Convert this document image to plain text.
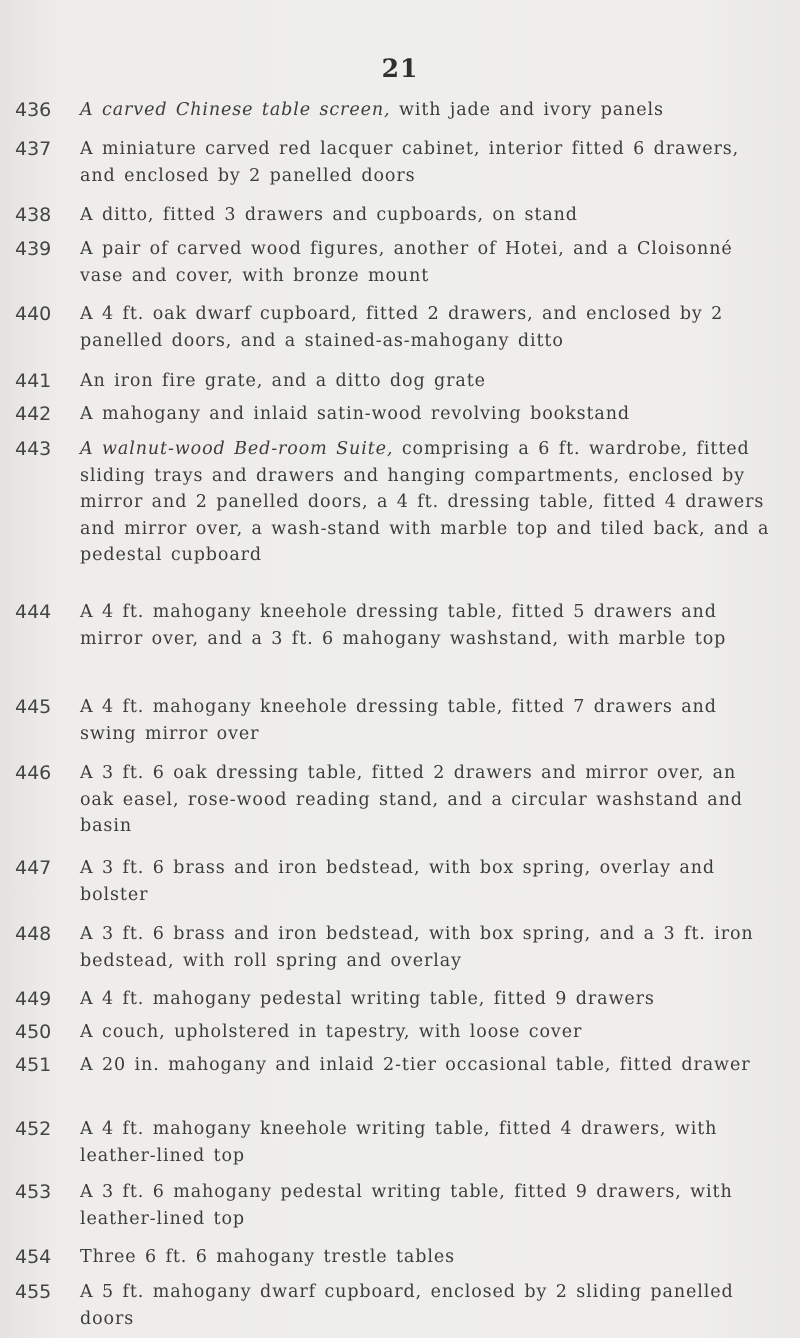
21
436	A carved Chinese table screen, with jade and ivory panels
437	A miniature carved red lacquer cabinet, interior fitted 6 drawers, and enclosed by 2 panelled doors
438	A ditto, fitted 3 drawers and cupboards, on stand
439	A pair of carved wood figures, another of Hotei, and a Cloisonné vase and cover, with bronze mount
440	A 4 ft. oak dwarf cupboard, fitted 2 drawers, and enclosed by 2 panelled doors, and a stained-as-mahogany ditto
441	An iron fire grate, and a ditto dog grate
442	A mahogany and inlaid satin-wood revolving bookstand
443	A walnut-wood Bed-room Suite, comprising a 6 ft. wardrobe, fitted sliding trays and drawers and hanging compartments, enclosed by mirror and 2 panelled doors, a 4 ft. dressing table, fitted 4 drawers and mirror over, a wash-stand with marble top and tiled back, and a pedestal cupboard
444	A 4 ft. mahogany kneehole dressing table, fitted 5 drawers and mirror over, and a 3 ft. 6 mahogany washstand, with marble top
445	A 4 ft. mahogany kneehole dressing table, fitted 7 drawers and swing mirror over
446	A 3 ft. 6 oak dressing table, fitted 2 drawers and mirror over, an oak easel, rose-wood reading stand, and a circular washstand and basin
447	A 3 ft. 6 brass and iron bedstead, with box spring, overlay and bolster
448	A 3 ft. 6 brass and iron bedstead, with box spring, and a 3 ft. iron bedstead, with roll spring and overlay
449	A 4 ft. mahogany pedestal writing table, fitted 9 drawers
450	A couch, upholstered in tapestry, with loose cover
451	A 20 in. mahogany and inlaid 2-tier occasional table, fitted drawer
452	A 4 ft. mahogany kneehole writing table, fitted 4 drawers, with leather-lined top
453	A 3 ft. 6 mahogany pedestal writing table, fitted 9 drawers, with leather-lined top
454	Three 6 ft. 6 mahogany trestle tables
455	A 5 ft. mahogany dwarf cupboard, enclosed by 2 sliding panelled doors
